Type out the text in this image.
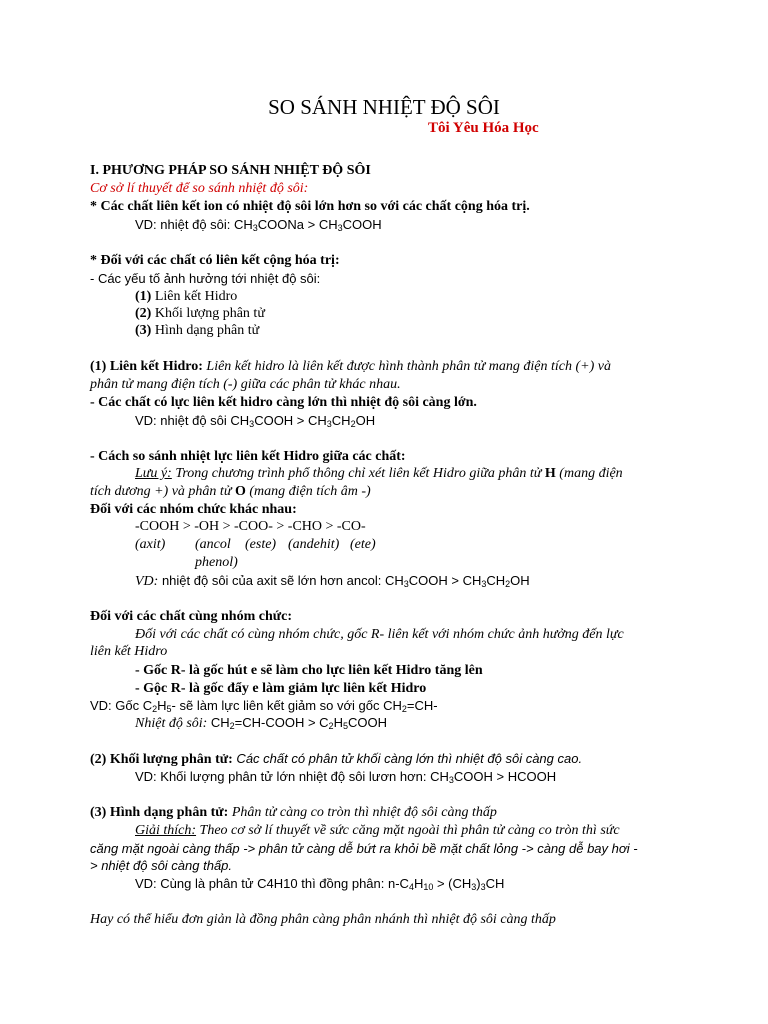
SO SÁNH NHIỆT ĐỘ SÔI
Tôi Yêu Hóa Học
I. PHƯƠNG PHÁP SO SÁNH NHIỆT ĐỘ SÔI
Cơ sở lí thuyết để so sánh nhiệt độ sôi:
* Các chất liên kết ion có nhiệt độ sôi lớn hơn so với các chất cộng hóa trị.
VD: nhiệt độ sôi: $CH_3COONa$ > $CH_3COOH$
* Đối với các chất có liên kết cộng hóa trị:
- Các yếu tố ảnh hưởng tới nhiệt độ sôi:
(1) Liên kết Hidro
(2) Khối lượng phân tử
(3) Hình dạng phân tử
(1) Liên kết Hidro: Liên kết hidro là liên kết được hình thành phân tử mang điện tích (+) và
phân tử mang điện tích (-) giữa các phân tử khác nhau.
- Các chất có lực liên kết hidro càng lớn thì nhiệt độ sôi càng lớn.
VD: nhiệt độ sôi $CH_3COOH > CH_3CH_2OH$
- Cách so sánh nhiệt lực liên kết Hidro giữa các chất:
Lưu ý: Trong chương trình phổ thông chỉ xét liên kết Hidro giữa phân tử H (mang điện
tích dương +) và phân tử O (mang điện tích âm -)
Đối với các nhóm chức khác nhau:
-COOH > -OH > -COO- > -CHO > -CO-
(axit) (ancol (este) (andehit) (ete)
phenol)
VD: nhiệt độ sôi của axit sẽ lớn hơn ancol: $CH_3COOH > CH_3CH_2OH$
Đối với các chất cùng nhóm chức:
Đối với các chất có cùng nhóm chức, gốc R- liên kết với nhóm chức ảnh hưởng đến lực
liên kết Hidro
- Gốc R- là gốc hút e sẽ làm cho lực liên kết Hidro tăng lên
- Gộc R- là gốc đẩy e làm giảm lực liên kết Hidro
VD: Gốc $C_2H_5-$ sẽ làm lực liên kết giảm so với gốc $CH_2=CH-$
Nhiệt độ sôi: $CH_2=CH$-COOH > $C_2H_5COOH$
(2) Khối lượng phân tử: Các chất có phân tử khối càng lớn thì nhiệt độ sôi càng cao.
VD: Khối lượng phân tử lớn nhiệt độ sôi lươn hơn: $CH_3COOH$ > HCOOH
(3) Hình dạng phân tử: Phân tử càng co tròn thì nhiệt độ sôi càng thấp
Giải thích: Theo cơ sở lí thuyết về sức căng mặt ngoài thì phân tử càng co tròn thì sức
căng mặt ngoài càng thấp -> phân tử càng dễ bứt ra khỏi bề mặt chất lỏng -> càng dễ bay hơi -
> nhiệt độ sôi càng thấp.
VD: Cùng là phân tử C4H10 thì đồng phân: $n-C_4H_{10} > (CH_3)_3CH$
Hay có thể hiểu đơn giản là đồng phân càng phân nhánh thì nhiệt độ sôi càng thấp
